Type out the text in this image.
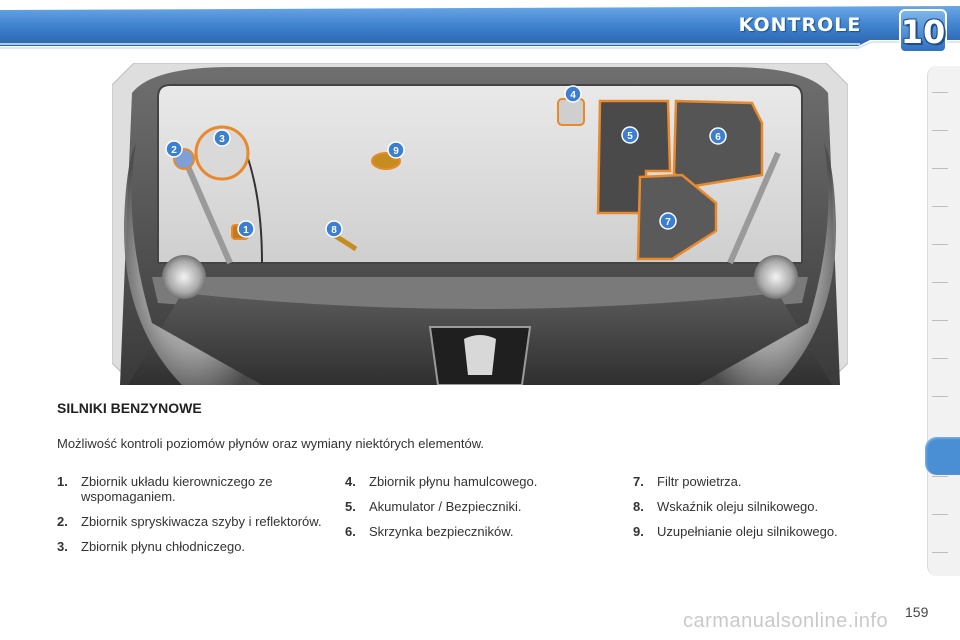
KONTROLE 10
1
2
3
4
5	6
7
8
9
SILNIKI BENZYNOWE
Możliwość kontroli poziomów płynów oraz wymiany niektórych elementów.
1. Zbiornik układu kierowniczego ze wspomaganiem.
2. Zbiornik spryskiwacza szyby i reflektorów.
3. Zbiornik płynu chłodniczego.
4. Zbiornik płynu hamulcowego.
5. Akumulator / Bezpieczniki.
6. Skrzynka bezpieczników.
7. Filtr powietrza.
8. Wskaźnik oleju silnikowego.
9. Uzupełnianie oleju silnikowego.
159
carmanualsonline.info
